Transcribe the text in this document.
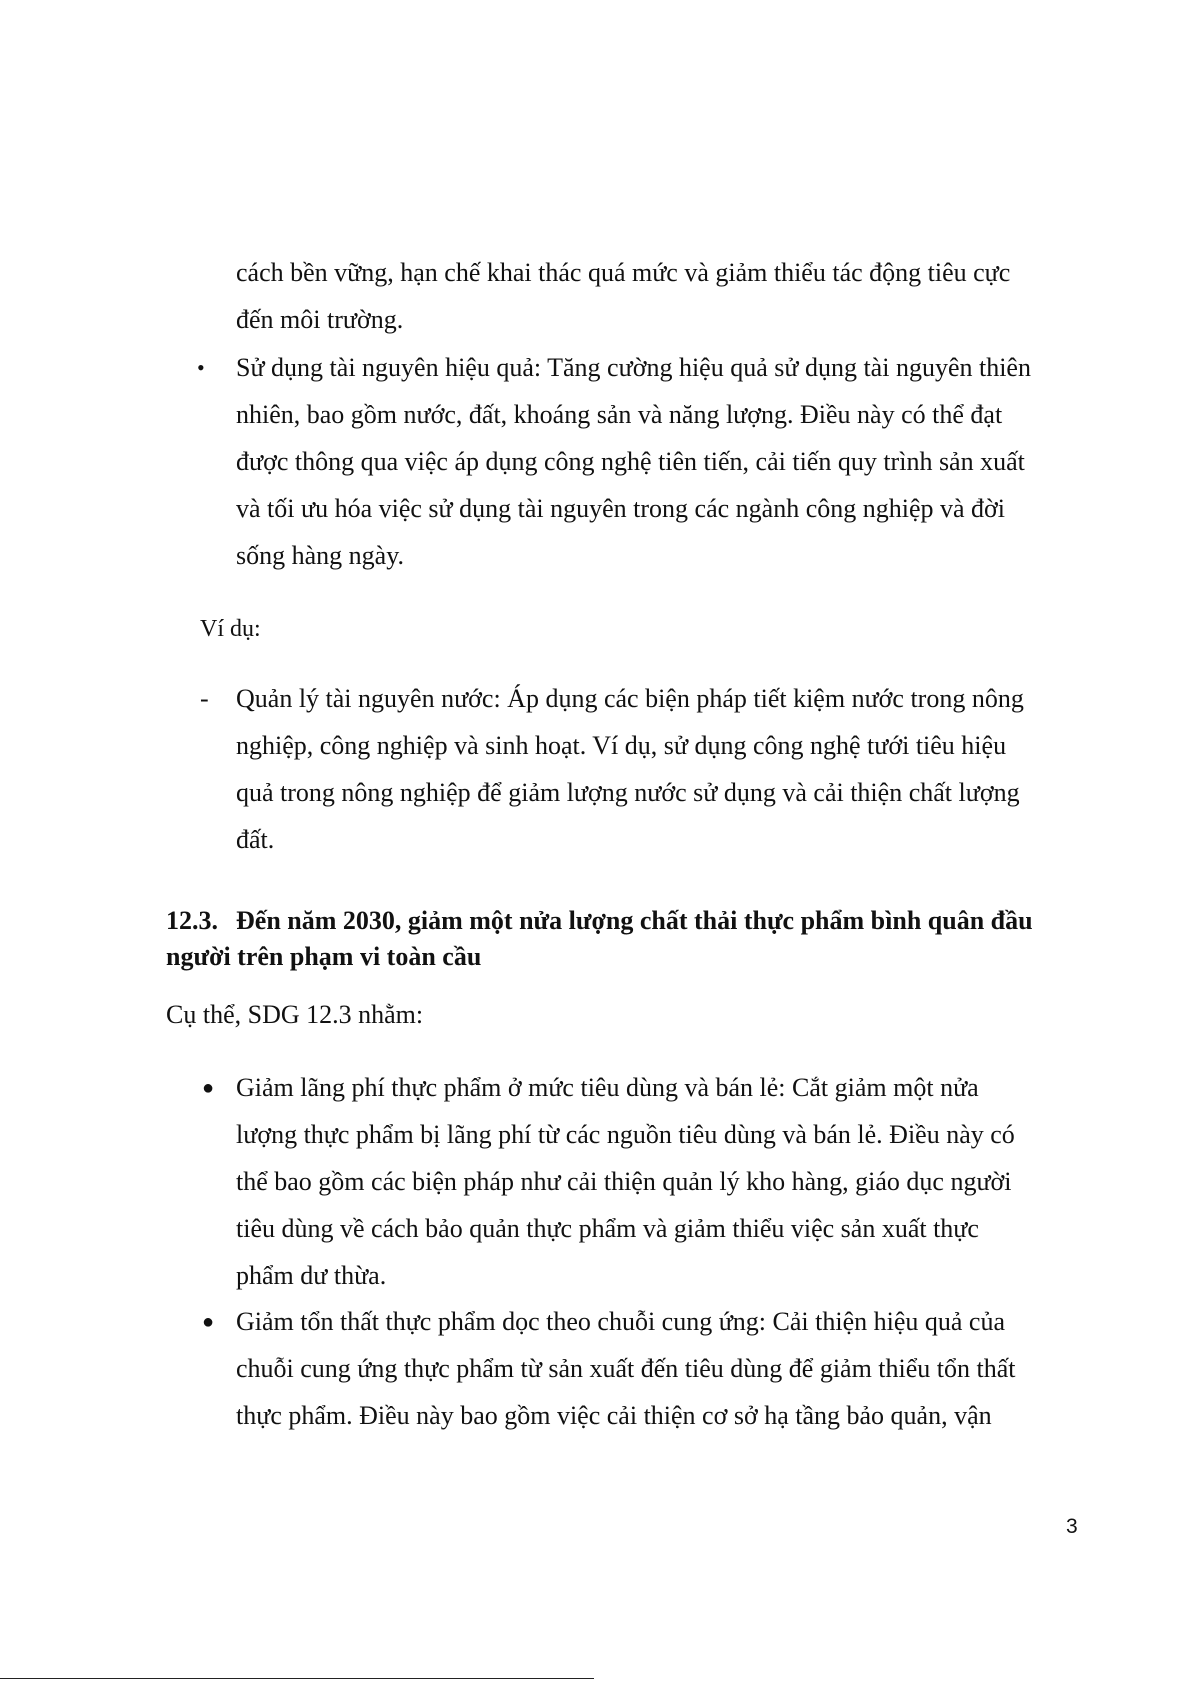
cách bền vững, hạn chế khai thác quá mức và giảm thiểu tác động tiêu cực
đến môi trường.
• Sử dụng tài nguyên hiệu quả: Tăng cường hiệu quả sử dụng tài nguyên thiên
nhiên, bao gồm nước, đất, khoáng sản và năng lượng. Điều này có thể đạt
được thông qua việc áp dụng công nghệ tiên tiến, cải tiến quy trình sản xuất
và tối ưu hóa việc sử dụng tài nguyên trong các ngành công nghiệp và đời
sống hàng ngày.
Ví dụ:
- Quản lý tài nguyên nước: Áp dụng các biện pháp tiết kiệm nước trong nông
nghiệp, công nghiệp và sinh hoạt. Ví dụ, sử dụng công nghệ tưới tiêu hiệu
quả trong nông nghiệp để giảm lượng nước sử dụng và cải thiện chất lượng
đất.
12.3. Đến năm 2030, giảm một nửa lượng chất thải thực phẩm bình quân đầu
người trên phạm vi toàn cầu
Cụ thể, SDG 12.3 nhằm:
● Giảm lãng phí thực phẩm ở mức tiêu dùng và bán lẻ: Cắt giảm một nửa
lượng thực phẩm bị lãng phí từ các nguồn tiêu dùng và bán lẻ. Điều này có
thể bao gồm các biện pháp như cải thiện quản lý kho hàng, giáo dục người
tiêu dùng về cách bảo quản thực phẩm và giảm thiểu việc sản xuất thực
phẩm dư thừa.
● Giảm tổn thất thực phẩm dọc theo chuỗi cung ứng: Cải thiện hiệu quả của
chuỗi cung ứng thực phẩm từ sản xuất đến tiêu dùng để giảm thiểu tổn thất
thực phẩm. Điều này bao gồm việc cải thiện cơ sở hạ tầng bảo quản, vận
3
